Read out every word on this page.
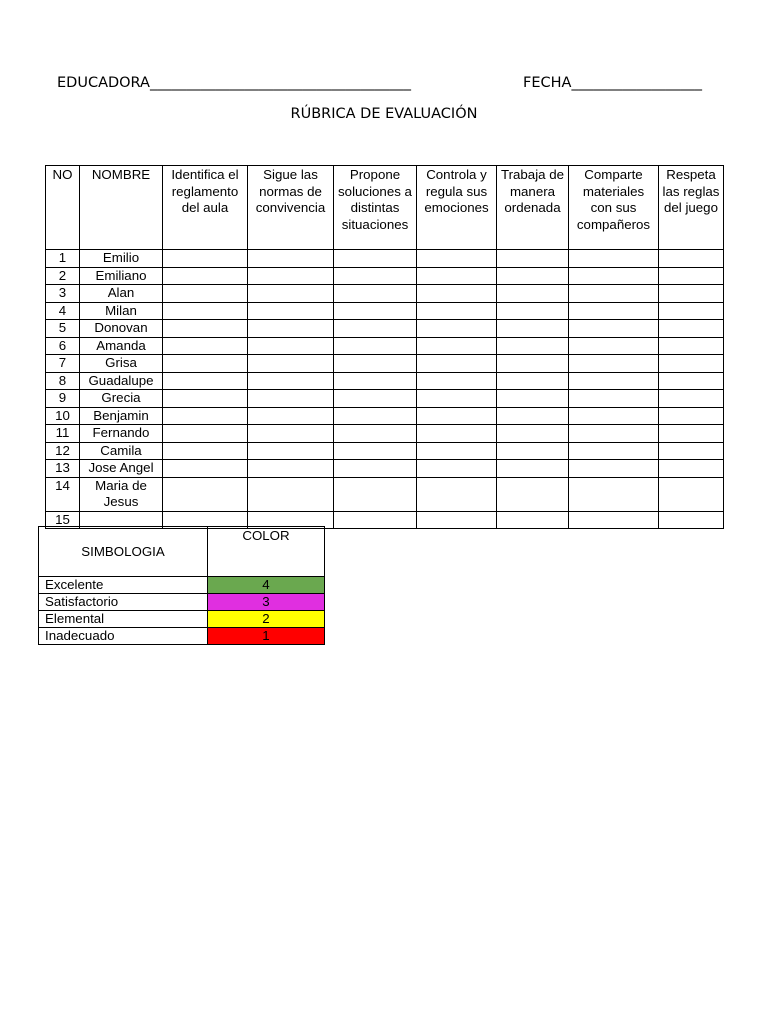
EDUCADORA____________________________________	FECHA__________________
RÚBRICA DE EVALUACIÓN
NO	NOMBRE	Identifica el reglamento del aula	Sigue las normas de convivencia	Propone soluciones a distintas situaciones	Controla y regula sus emociones	Trabaja de manera ordenada	Comparte materiales con sus compañeros	Respeta las reglas del juego
1	Emilio							
2	Emiliano							
3	Alan							
4	Milan							
5	Donovan							
6	Amanda							
7	Grisa							
8	Guadalupe							
9	Grecia							
10	Benjamin							
11	Fernando							
12	Camila							
13	Jose Angel							
14	Maria de Jesus							
15								
SIMBOLOGIA	COLOR
Excelente	4
Satisfactorio	3
Elemental	2
Inadecuado	1
